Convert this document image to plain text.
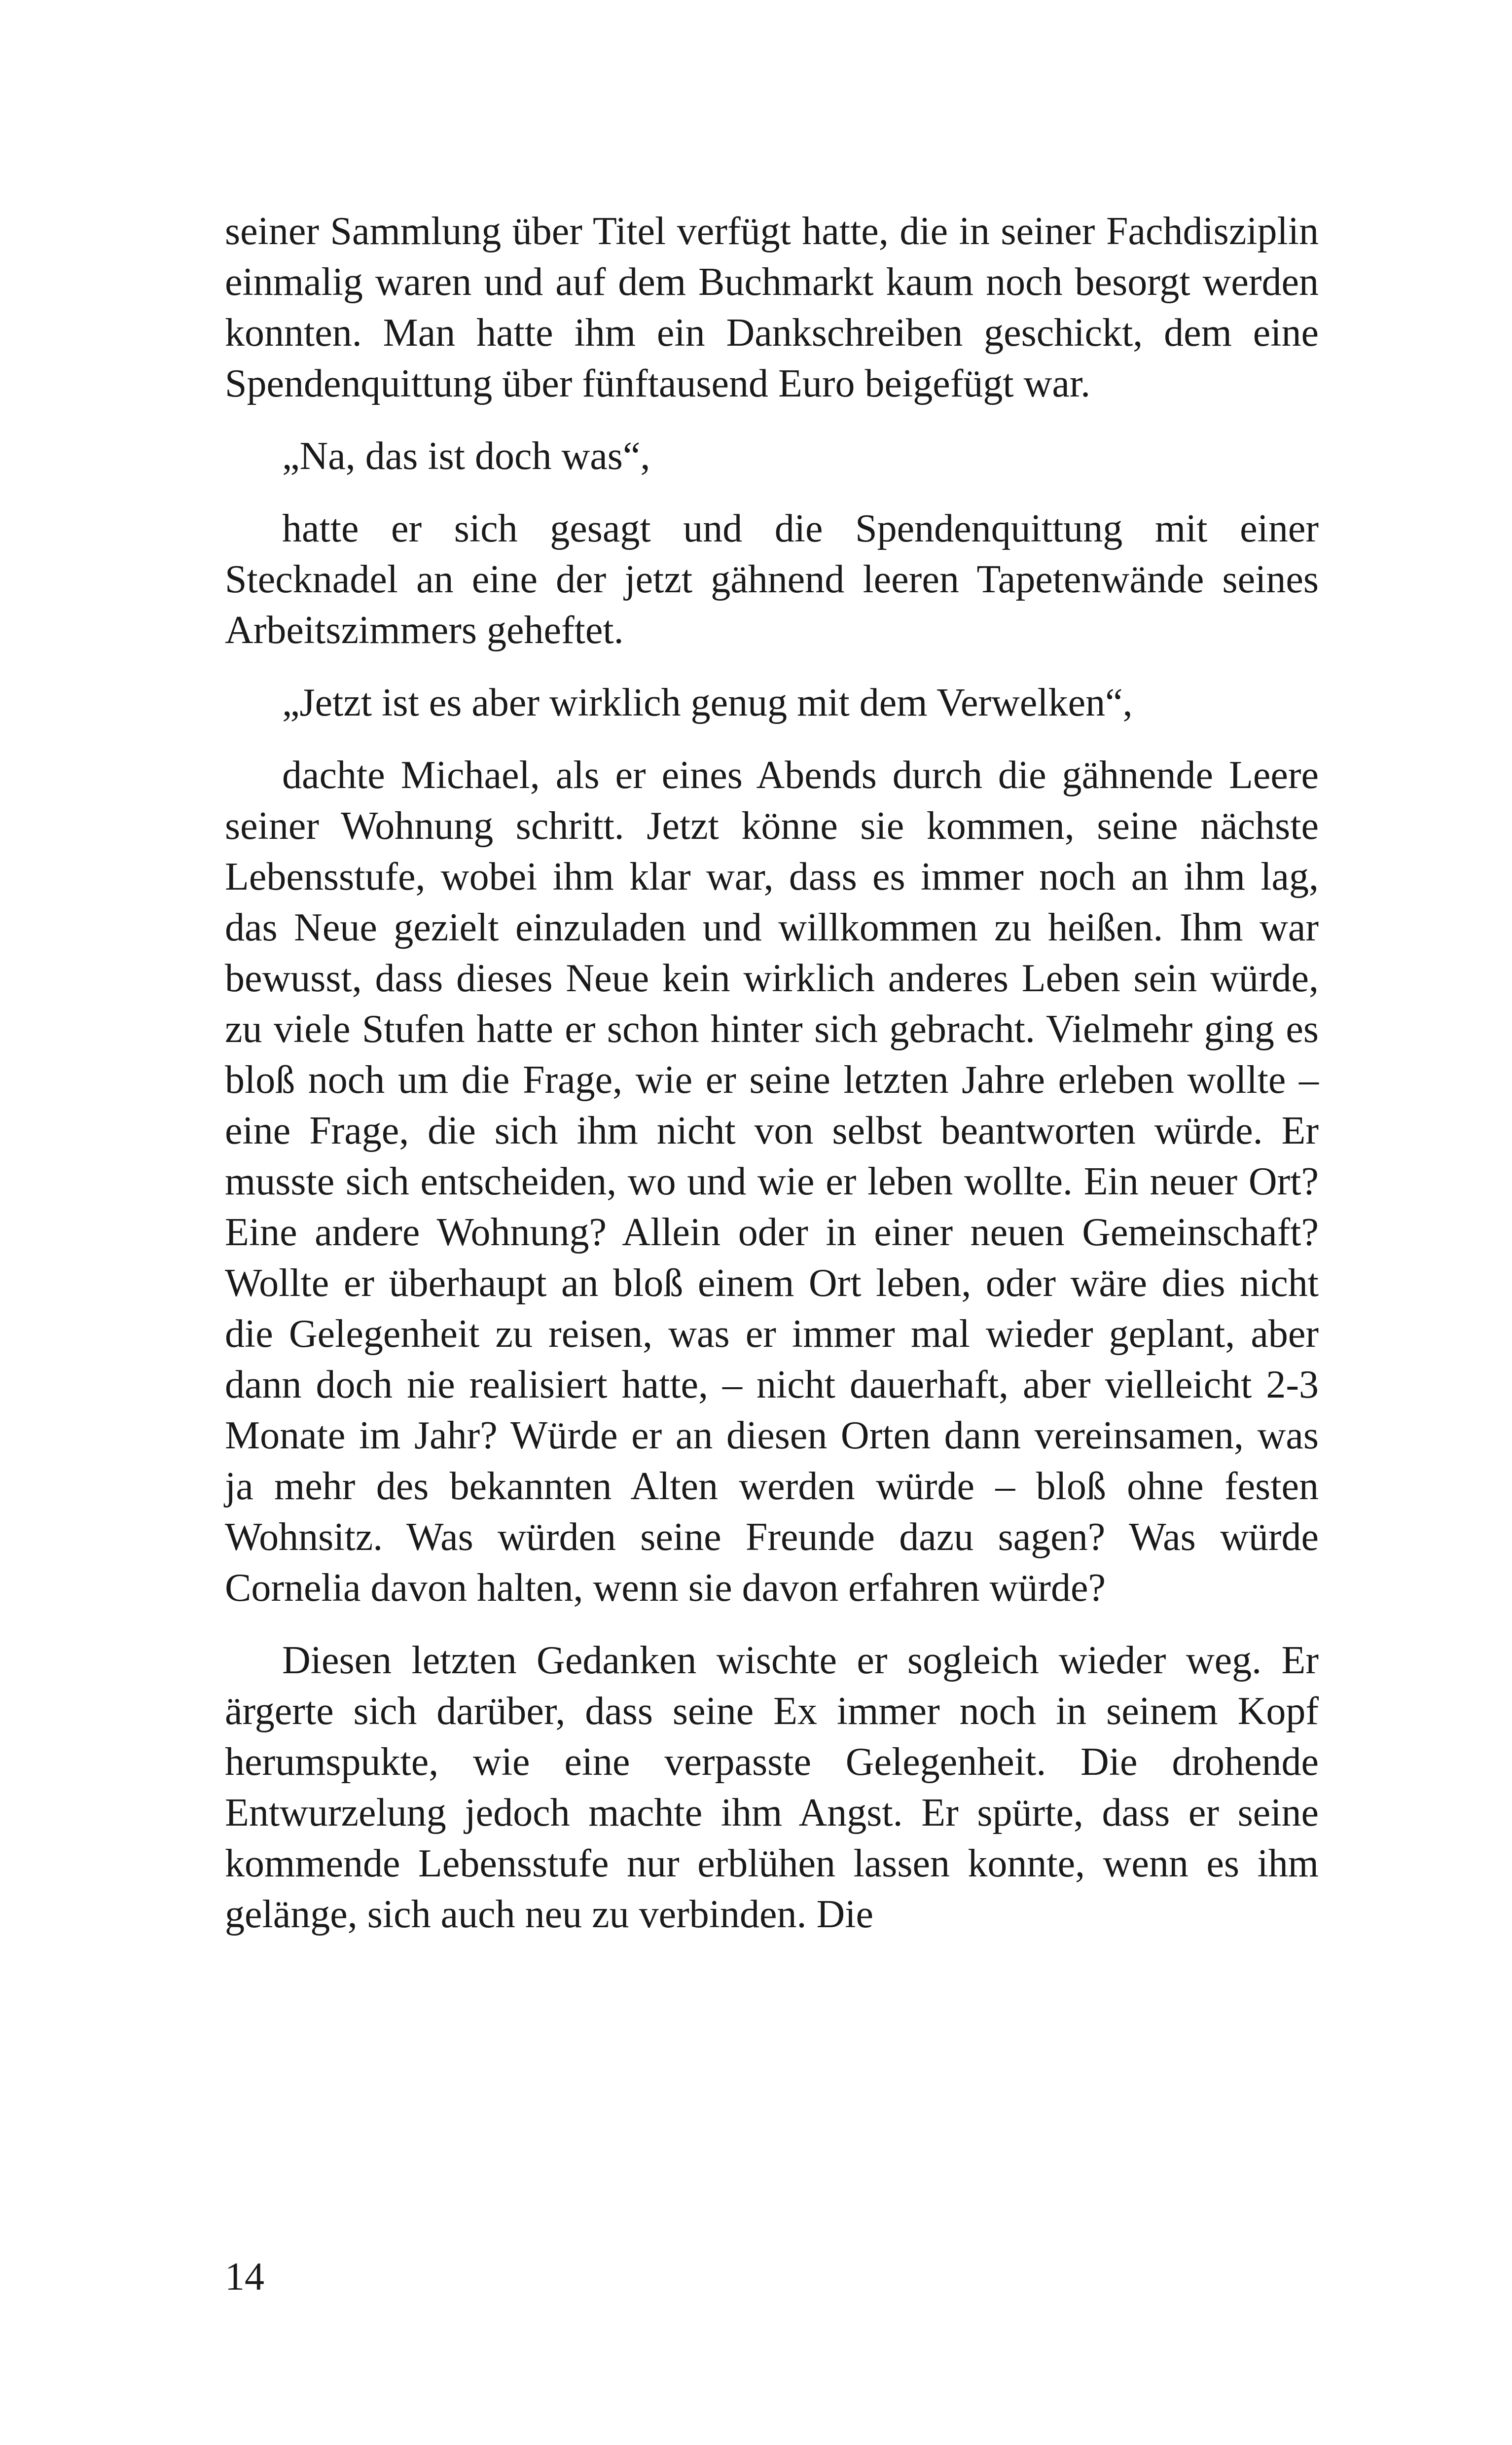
seiner Sammlung über Titel verfügt hatte, die in seiner Fachdisziplin einmalig waren und auf dem Buchmarkt kaum noch besorgt werden konnten. Man hatte ihm ein Dankschreiben geschickt, dem eine Spendenquittung über fünftausend Euro beigefügt war.

„Na, das ist doch was“,

hatte er sich gesagt und die Spendenquittung mit einer Stecknadel an eine der jetzt gähnend leeren Tapetenwände seines Arbeitszimmers geheftet.

„Jetzt ist es aber wirklich genug mit dem Verwelken“,

dachte Michael, als er eines Abends durch die gähnende Leere seiner Wohnung schritt. Jetzt könne sie kommen, seine nächste Lebensstufe, wobei ihm klar war, dass es immer noch an ihm lag, das Neue gezielt einzuladen und willkommen zu heißen. Ihm war bewusst, dass dieses Neue kein wirklich anderes Leben sein würde, zu viele Stufen hatte er schon hinter sich gebracht. Vielmehr ging es bloß noch um die Frage, wie er seine letzten Jahre erleben wollte – eine Frage, die sich ihm nicht von selbst beantworten würde. Er musste sich entscheiden, wo und wie er leben wollte. Ein neuer Ort? Eine andere Wohnung? Allein oder in einer neuen Gemeinschaft? Wollte er überhaupt an bloß einem Ort leben, oder wäre dies nicht die Gelegenheit zu reisen, was er immer mal wieder geplant, aber dann doch nie realisiert hatte, – nicht dauerhaft, aber vielleicht 2-3 Monate im Jahr? Würde er an diesen Orten dann vereinsamen, was ja mehr des bekannten Alten werden würde – bloß ohne festen Wohnsitz. Was würden seine Freunde dazu sagen? Was würde Cornelia davon halten, wenn sie davon erfahren würde?

Diesen letzten Gedanken wischte er sogleich wieder weg. Er ärgerte sich darüber, dass seine Ex immer noch in seinem Kopf herumspukte, wie eine verpasste Gelegenheit. Die drohende Entwurzelung jedoch machte ihm Angst. Er spürte, dass er seine kommende Lebensstufe nur erblühen lassen konnte, wenn es ihm gelänge, sich auch neu zu verbinden. Die

14
